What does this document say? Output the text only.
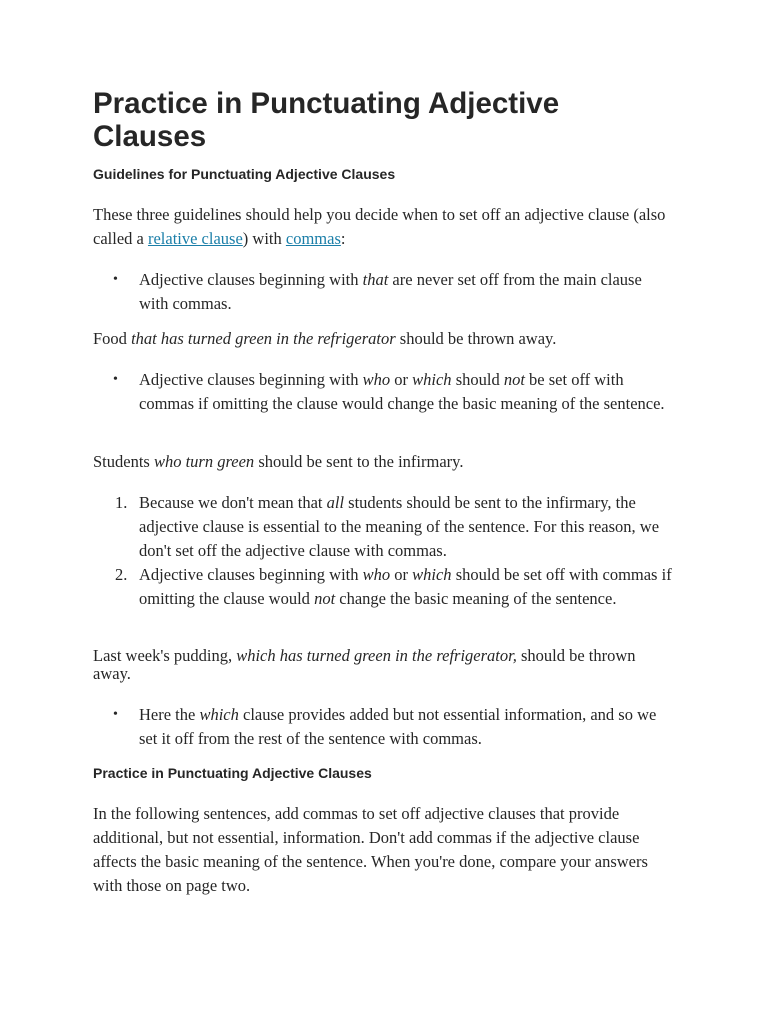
Practice in Punctuating Adjective Clauses
Guidelines for Punctuating Adjective Clauses

These three guidelines should help you decide when to set off an adjective clause (also called a relative clause) with commas:

• Adjective clauses beginning with that are never set off from the main clause with commas.

Food that has turned green in the refrigerator should be thrown away.

• Adjective clauses beginning with who or which should not be set off with commas if omitting the clause would change the basic meaning of the sentence.

Students who turn green should be sent to the infirmary.

1. Because we don't mean that all students should be sent to the infirmary, the adjective clause is essential to the meaning of the sentence. For this reason, we don't set off the adjective clause with commas.
2. Adjective clauses beginning with who or which should be set off with commas if omitting the clause would not change the basic meaning of the sentence.

Last week's pudding, which has turned green in the refrigerator, should be thrown away.

• Here the which clause provides added but not essential information, and so we set it off from the rest of the sentence with commas.
Practice in Punctuating Adjective Clauses

In the following sentences, add commas to set off adjective clauses that provide additional, but not essential, information. Don't add commas if the adjective clause affects the basic meaning of the sentence. When you're done, compare your answers with those on page two.
